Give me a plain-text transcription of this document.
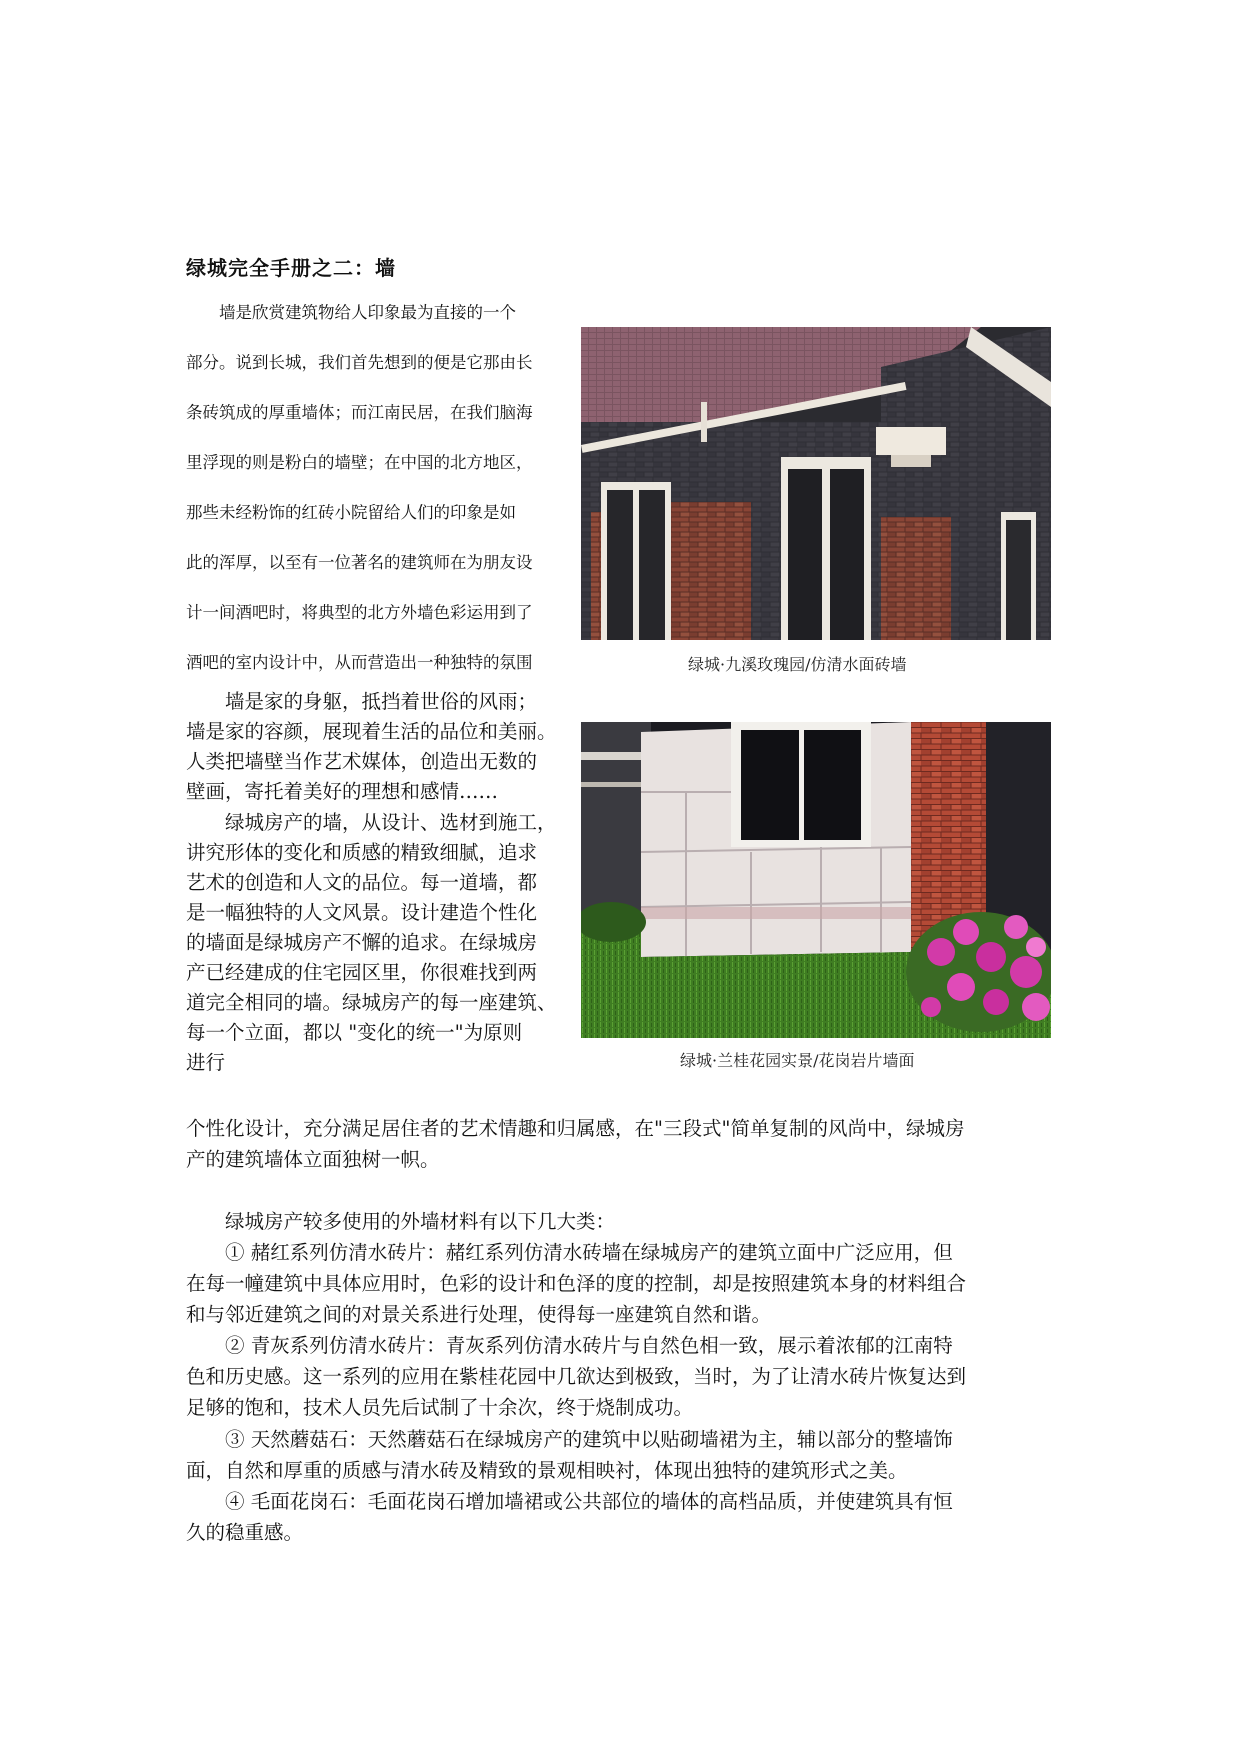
绿城完全手册之二：墙
　　墙是欣赏建筑物给人印象最为直接的一个
部分。说到长城，我们首先想到的便是它那由长
条砖筑成的厚重墙体；而江南民居，在我们脑海
里浮现的则是粉白的墙壁；在中国的北方地区，
那些未经粉饰的红砖小院留给人们的印象是如
此的浑厚，以至有一位著名的建筑师在为朋友设
计一间酒吧时，将典型的北方外墙色彩运用到了
酒吧的室内设计中，从而营造出一种独特的氛围	绿城·九溪玫瑰园/仿清水面砖墙
　　墙是家的身躯，抵挡着世俗的风雨；
墙是家的容颜，展现着生活的品位和美丽。
人类把墙壁当作艺术媒体，创造出无数的
壁画，寄托着美好的理想和感情……
　　绿城房产的墙，从设计、选材到施工，
讲究形体的变化和质感的精致细腻，追求
艺术的创造和人文的品位。每一道墙，都
是一幅独特的人文风景。设计建造个性化
的墙面是绿城房产不懈的追求。在绿城房
产已经建成的住宅园区里，你很难找到两
道完全相同的墙。绿城房产的每一座建筑、
每一个立面，都以 "变化的统一"为原则
进行	绿城·兰桂花园实景/花岗岩片墙面
个性化设计，充分满足居住者的艺术情趣和归属感，在"三段式"简单复制的风尚中，绿城房
产的建筑墙体立面独树一帜。
　　绿城房产较多使用的外墙材料有以下几大类：
　　① 赭红系列仿清水砖片：赭红系列仿清水砖墙在绿城房产的建筑立面中广泛应用，但
在每一幢建筑中具体应用时，色彩的设计和色泽的度的控制，却是按照建筑本身的材料组合
和与邻近建筑之间的对景关系进行处理，使得每一座建筑自然和谐。
　　② 青灰系列仿清水砖片：青灰系列仿清水砖片与自然色相一致，展示着浓郁的江南特
色和历史感。这一系列的应用在紫桂花园中几欲达到极致，当时，为了让清水砖片恢复达到
足够的饱和，技术人员先后试制了十余次，终于烧制成功。
　　③ 天然蘑菇石：天然蘑菇石在绿城房产的建筑中以贴砌墙裙为主，辅以部分的整墙饰
面，自然和厚重的质感与清水砖及精致的景观相映衬，体现出独特的建筑形式之美。
　　④ 毛面花岗石：毛面花岗石增加墙裙或公共部位的墙体的高档品质，并使建筑具有恒
久的稳重感。
